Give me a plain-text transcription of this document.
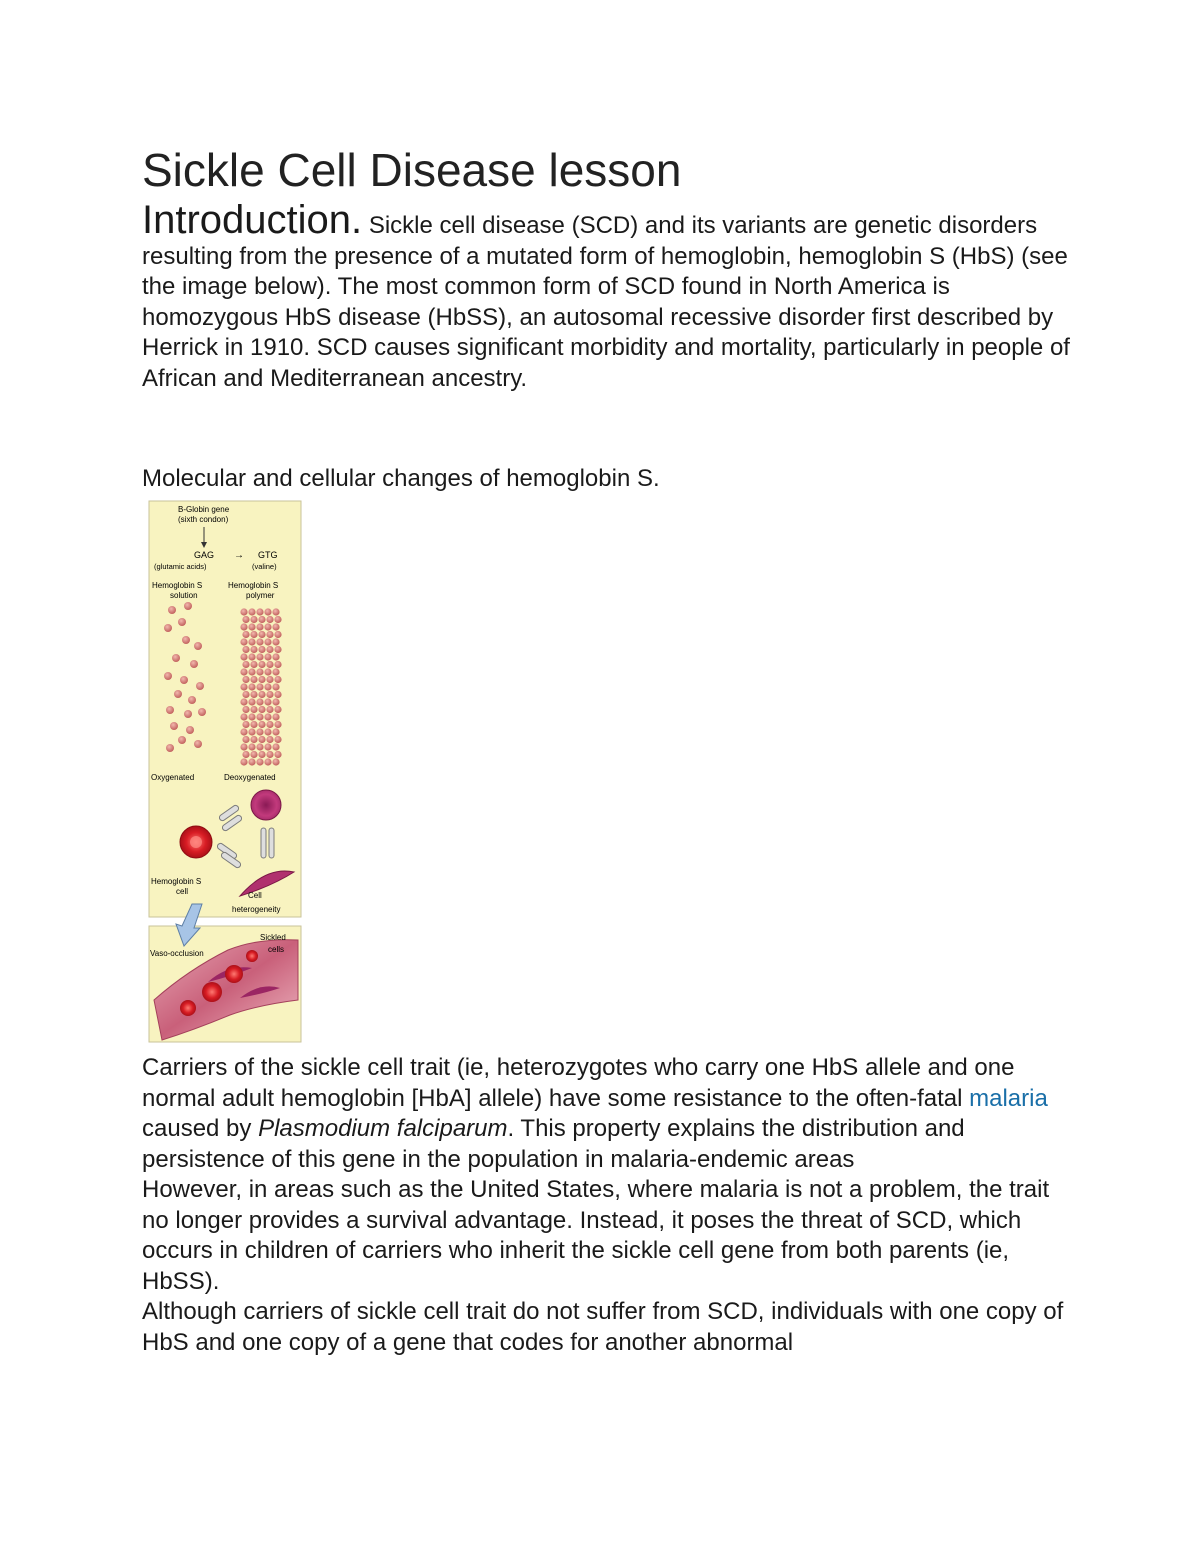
Sickle Cell Disease lesson

Introduction. Sickle cell disease (SCD) and its variants are genetic disorders resulting from the presence of a mutated form of hemoglobin, hemoglobin S (HbS) (see the image below). The most common form of SCD found in North America is homozygous HbS disease (HbSS), an autosomal recessive disorder first described by Herrick in 1910. SCD causes significant morbidity and mortality, particularly in people of African and Mediterranean ancestry.

Molecular and cellular changes of hemoglobin S.

B-Globin gene
(sixth condon)
GAG → GTG
(glutamic acids)	(valine)
Hemoglobin S
solution
Hemoglobin S
polymer
Oxygenated	Deoxygenated
Hemoglobin S
cell	Cell
heterogeneity
Vaso-occlusion
Sickled
cells
Carriers of the sickle cell trait (ie, heterozygotes who carry one HbS allele and one normal adult hemoglobin [HbA] allele) have some resistance to the often-fatal malaria caused by Plasmodium falciparum. This property explains the distribution and persistence of this gene in the population in malaria-endemic areas
However, in areas such as the United States, where malaria is not a problem, the trait no longer provides a survival advantage. Instead, it poses the threat of SCD, which occurs in children of carriers who inherit the sickle cell gene from both parents (ie, HbSS).
Although carriers of sickle cell trait do not suffer from SCD, individuals with one copy of HbS and one copy of a gene that codes for another abnormal
